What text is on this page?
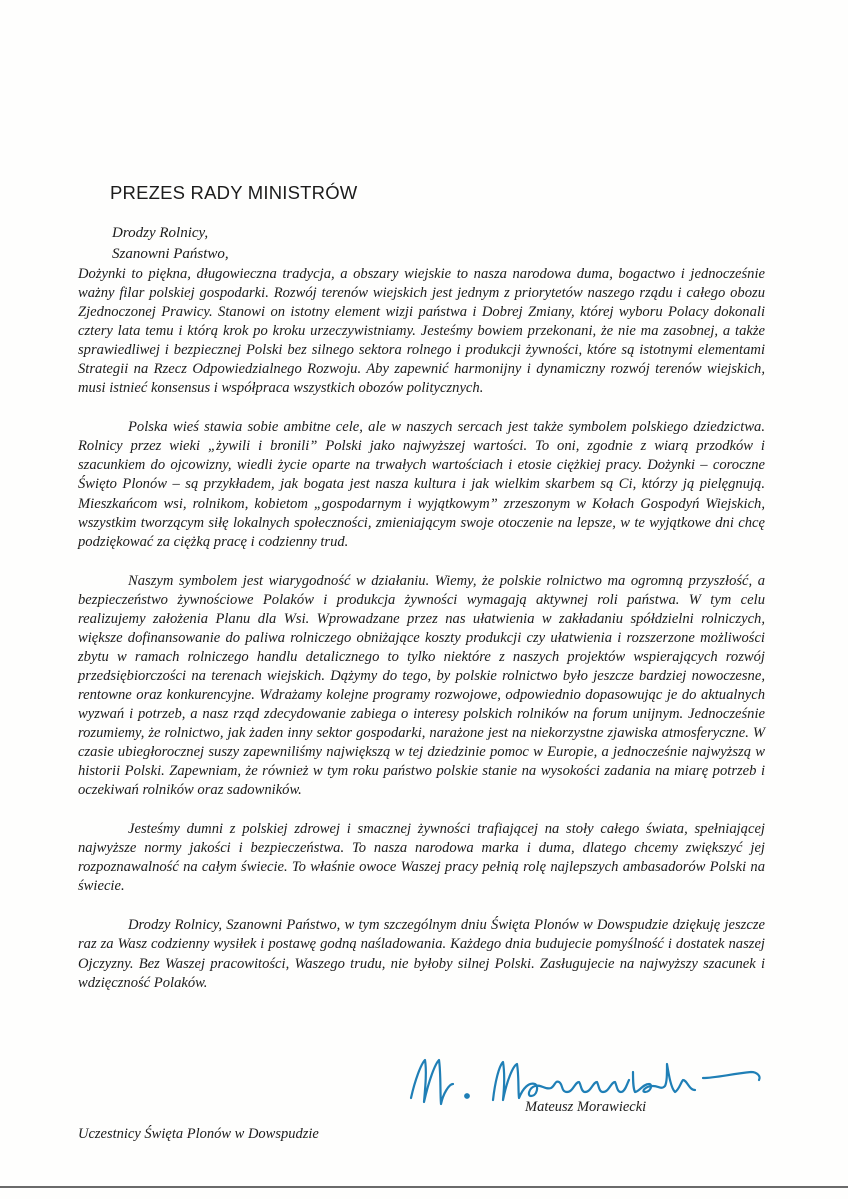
PREZES RADY MINISTRÓW
Drodzy Rolnicy,
Szanowni Państwo,

Dożynki to piękna, długowieczna tradycja, a obszary wiejskie to nasza narodowa duma, bogactwo i jednocześnie ważny filar polskiej gospodarki. Rozwój terenów wiejskich jest jednym z priorytetów naszego rządu i całego obozu Zjednoczonej Prawicy. Stanowi on istotny element wizji państwa i Dobrej Zmiany, której wyboru Polacy dokonali cztery lata temu i którą krok po kroku urzeczywistniamy. Jesteśmy bowiem przekonani, że nie ma zasobnej, a także sprawiedliwej i bezpiecznej Polski bez silnego sektora rolnego i produkcji żywności, które są istotnymi elementami Strategii na Rzecz Odpowiedzialnego Rozwoju. Aby zapewnić harmonijny i dynamiczny rozwój terenów wiejskich, musi istnieć konsensus i współpraca wszystkich obozów politycznych.

Polska wieś stawia sobie ambitne cele, ale w naszych sercach jest także symbolem polskiego dziedzictwa. Rolnicy przez wieki „żywili i bronili” Polski jako najwyższej wartości. To oni, zgodnie z wiarą przodków i szacunkiem do ojcowizny, wiedli życie oparte na trwałych wartościach i etosie ciężkiej pracy. Dożynki – coroczne Święto Plonów – są przykładem, jak bogata jest nasza kultura i jak wielkim skarbem są Ci, którzy ją pielęgnują. Mieszkańcom wsi, rolnikom, kobietom „gospodarnym i wyjątkowym” zrzeszonym w Kołach Gospodyń Wiejskich, wszystkim tworzącym siłę lokalnych społeczności, zmieniającym swoje otoczenie na lepsze, w te wyjątkowe dni chcę podziękować za ciężką pracę i codzienny trud.

Naszym symbolem jest wiarygodność w działaniu. Wiemy, że polskie rolnictwo ma ogromną przyszłość, a bezpieczeństwo żywnościowe Polaków i produkcja żywności wymagają aktywnej roli państwa. W tym celu realizujemy założenia Planu dla Wsi. Wprowadzane przez nas ułatwienia w zakładaniu spółdzielni rolniczych, większe dofinansowanie do paliwa rolniczego obniżające koszty produkcji czy ułatwienia i rozszerzone możliwości zbytu w ramach rolniczego handlu detalicznego to tylko niektóre z naszych projektów wspierających rozwój przedsiębiorczości na terenach wiejskich. Dążymy do tego, by polskie rolnictwo było jeszcze bardziej nowoczesne, rentowne oraz konkurencyjne. Wdrażamy kolejne programy rozwojowe, odpowiednio dopasowując je do aktualnych wyzwań i potrzeb, a nasz rząd zdecydowanie zabiega o interesy polskich rolników na forum unijnym. Jednocześnie rozumiemy, że rolnictwo, jak żaden inny sektor gospodarki, narażone jest na niekorzystne zjawiska atmosferyczne. W czasie ubiegłorocznej suszy zapewniliśmy największą w tej dziedzinie pomoc w Europie, a jednocześnie najwyższą w historii Polski. Zapewniam, że również w tym roku państwo polskie stanie na wysokości zadania na miarę potrzeb i oczekiwań rolników oraz sadowników.

Jesteśmy dumni z polskiej zdrowej i smacznej żywności trafiającej na stoły całego świata, spełniającej najwyższe normy jakości i bezpieczeństwa. To nasza narodowa marka i duma, dlatego chcemy zwiększyć jej rozpoznawalność na całym świecie. To właśnie owoce Waszej pracy pełnią rolę najlepszych ambasadorów Polski na świecie.

Drodzy Rolnicy, Szanowni Państwo, w tym szczególnym dniu Święta Plonów w Dowspudzie dziękuję jeszcze raz za Wasz codzienny wysiłek i postawę godną naśladowania. Każdego dnia budujecie pomyślność i dostatek naszej Ojczyzny. Bez Waszej pracowitości, Waszego trudu, nie byłoby silnej Polski. Zasługujecie na najwyższy szacunek i wdzięczność Polaków.

Mateusz Morawiecki
Uczestnicy Święta Plonów w Dowspudzie
